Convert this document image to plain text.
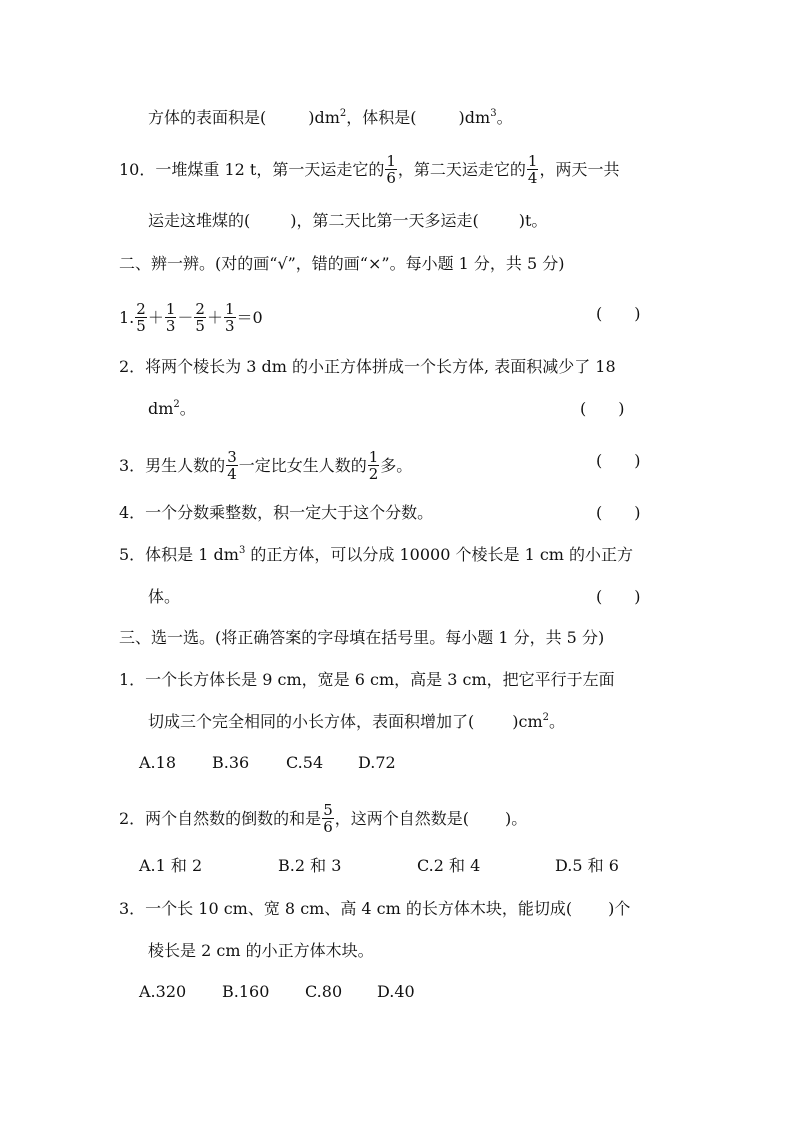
方体的表面积是(	)$dm^2$，体积是(	)$dm^3$。
10．一堆煤重 12 t，第一天运走它的 $\frac{1}{6}$ ，第二天运走它的 $\frac{1}{4}$ ，两天一共
运走这堆煤的(	)，第二天比第一天多运走(	)t。
二、辨一辨。(对的画“√”，错的画“×”。每小题 1 分，共 5 分)
1. $\frac{2}{5} + \frac{1}{3} - \frac{2}{5} + \frac{1}{3} =0$	(　　)
2．将两个棱长为 3 dm 的小正方体拼成一个长方体, 表面积减少了 18
$dm^2$。	(　　)
3．男生人数的 $\frac{3}{4}$ 一定比女生人数的 $\frac{1}{2}$ 多。	(　　)
4．一个分数乘整数，积一定大于这个分数。	(　　)
5．体积是 1 $dm^3$ 的正方体，可以分成 10000 个棱长是 1 cm 的小正方
体。	(　　)
三、选一选。(将正确答案的字母填在括号里。每小题 1 分，共 5 分)
1．一个长方体长是 9 cm，宽是 6 cm，高是 3 cm，把它平行于左面
切成三个完全相同的小长方体，表面积增加了( )$cm^2$。
A.18 B.36 C.54 D.72
2．两个自然数的倒数的和是 $\frac{5}{6}$ ，这两个自然数是( )。
A.1 和 2	B.2 和 3	C.2 和 4	D.5 和 6
3．一个长 10 cm、宽 8 cm、高 4 cm 的长方体木块，能切成( )个
棱长是 2 cm 的小正方体木块。
A.320 B.160 C.80 D.40
